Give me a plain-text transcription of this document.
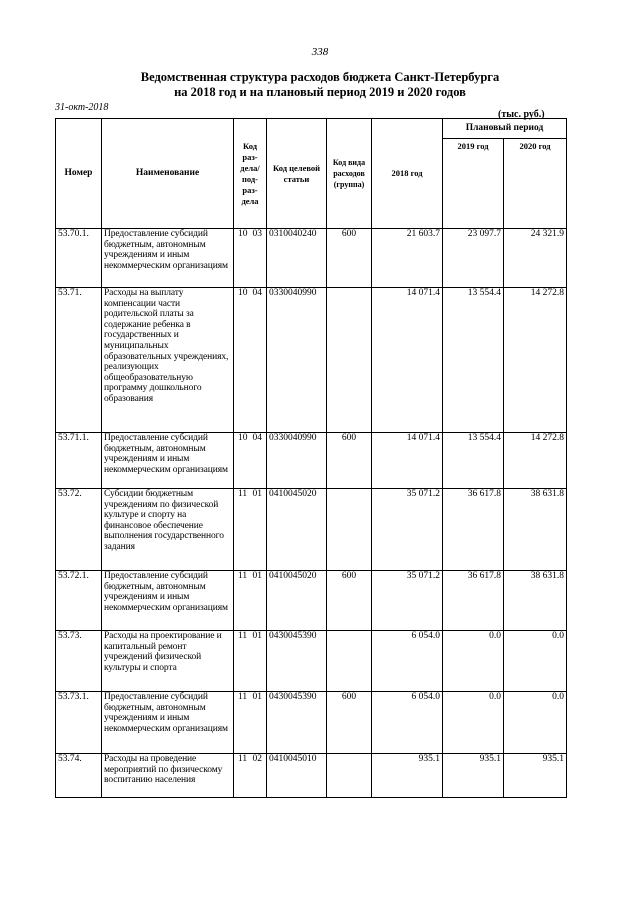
338
Ведомственная структура расходов бюджета Санкт-Петербурга
на 2018 год и на плановый период 2019 и 2020 годов
31-окт-2018
(тыс. руб.)
Номер	Наименование	Код раз- дела/ под- раз- дела	Код целевой статьи	Код вида расходов (группа)	2018 год	Плановый период	
						2019 год	2020 год
53.70.1.	Предоставление субсидий бюджетным, автономным учреждениям и иным некоммерческим организациям	10 03	0310040240	600	21 603.7	23 097.7	24 321.9
53.71.	Расходы на выплату компенсации части родительской платы за содержание ребенка в государственных и муниципальных образовательных учреждениях, реализующих общеобразовательную программу дошкольного образования	10 04	0330040990		14 071.4	13 554.4	14 272.8
53.71.1.	Предоставление субсидий бюджетным, автономным учреждениям и иным некоммерческим организациям	10 04	0330040990	600	14 071.4	13 554.4	14 272.8
53.72.	Субсидии бюджетным учреждениям по физической культуре и спорту на финансовое обеспечение выполнения государственного задания	11 01	0410045020		35 071.2	36 617.8	38 631.8
53.72.1.	Предоставление субсидий бюджетным, автономным учреждениям и иным некоммерческим организациям	11 01	0410045020	600	35 071.2	36 617.8	38 631.8
53.73.	Расходы на проектирование и капитальный ремонт учреждений физической культуры и спорта	11 01	0430045390		6 054.0	0.0	0.0
53.73.1.	Предоставление субсидий бюджетным, автономным учреждениям и иным некоммерческим организациям	11 01	0430045390	600	6 054.0	0.0	0.0
53.74.	Расходы на проведение мероприятий по физическому воспитанию населения	11 02	0410045010		935.1	935.1	935.1
